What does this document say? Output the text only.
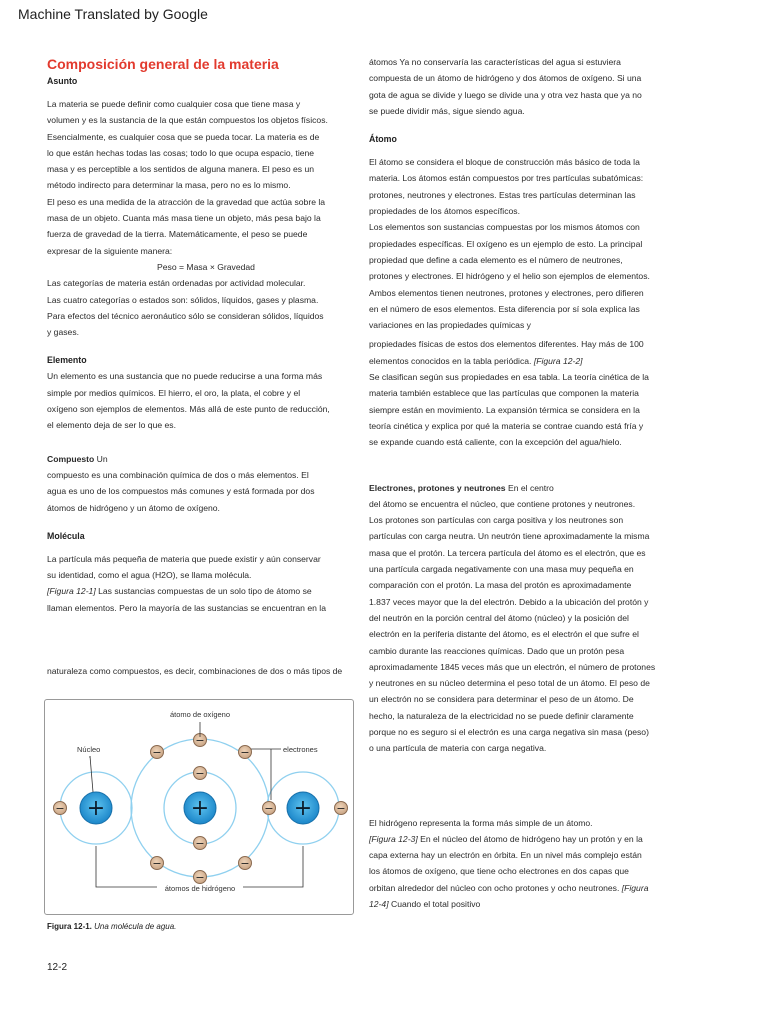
Machine Translated by Google

Composición general de la materia

Asunto

La materia se puede definir como cualquier cosa que tiene masa y

volumen y es la sustancia de la que están compuestos los objetos físicos.

Esencialmente, es cualquier cosa que se pueda tocar. La materia es de

lo que están hechas todas las cosas; todo lo que ocupa espacio, tiene

masa y es perceptible a los sentidos de alguna manera. El peso es un

método indirecto para determinar la masa, pero no es lo mismo.

El peso es una medida de la atracción de la gravedad que actúa sobre la

masa de un objeto. Cuanta más masa tiene un objeto, más pesa bajo la

fuerza de gravedad de la tierra. Matemáticamente, el peso se puede

expresar de la siguiente manera:

Peso = Masa × Gravedad

Las categorías de materia están ordenadas por actividad molecular.

Las cuatro categorías o estados son: sólidos, líquidos, gases y plasma.

Para efectos del técnico aeronáutico sólo se consideran sólidos, líquidos

y gases.

Elemento

Un elemento es una sustancia que no puede reducirse a una forma más

simple por medios químicos. El hierro, el oro, la plata, el cobre y el

oxígeno son ejemplos de elementos. Más allá de este punto de reducción,

el elemento deja de ser lo que es.

Compuesto Un

compuesto es una combinación química de dos o más elementos. El

agua es uno de los compuestos más comunes y está formada por dos

átomos de hidrógeno y un átomo de oxígeno.

Molécula

La partícula más pequeña de materia que puede existir y aún conservar

su identidad, como el agua (H2O), se llama molécula.

[Figura 12-1] Las sustancias compuestas de un solo tipo de átomo se

llaman elementos. Pero la mayoría de las sustancias se encuentran en la

naturaleza como compuestos, es decir, combinaciones de dos o más tipos de
+	+	+
−
−
−
−
−
−
−
−
−
−	−
átomo de oxígeno
Núcleo	electrones
átomos de hidrógeno
Figura 12-1. Una molécula de agua.

átomos Ya no conservaría las características del agua si estuviera

compuesta de un átomo de hidrógeno y dos átomos de oxígeno. Si una

gota de agua se divide y luego se divide una y otra vez hasta que ya no

se puede dividir más, sigue siendo agua.

Átomo

El átomo se considera el bloque de construcción más básico de toda la

materia. Los átomos están compuestos por tres partículas subatómicas:

protones, neutrones y electrones. Estas tres partículas determinan las

propiedades de los átomos específicos.

Los elementos son sustancias compuestas por los mismos átomos con

propiedades específicas. El oxígeno es un ejemplo de esto. La principal

propiedad que define a cada elemento es el número de neutrones,

protones y electrones. El hidrógeno y el helio son ejemplos de elementos.

Ambos elementos tienen neutrones, protones y electrones, pero difieren

en el número de esos elementos. Esta diferencia por sí sola explica las

variaciones en las propiedades químicas y

propiedades físicas de estos dos elementos diferentes. Hay más de 100

elementos conocidos en la tabla periódica. [Figura 12-2]

Se clasifican según sus propiedades en esa tabla. La teoría cinética de la

materia también establece que las partículas que componen la materia

siempre están en movimiento. La expansión térmica se considera en la

teoría cinética y explica por qué la materia se contrae cuando está fría y

se expande cuando está caliente, con la excepción del agua/hielo.

Electrones, protones y neutrones En el centro

del átomo se encuentra el núcleo, que contiene protones y neutrones.

Los protones son partículas con carga positiva y los neutrones son

partículas con carga neutra. Un neutrón tiene aproximadamente la misma

masa que el protón. La tercera partícula del átomo es el electrón, que es

una partícula cargada negativamente con una masa muy pequeña en

comparación con el protón. La masa del protón es aproximadamente

1.837 veces mayor que la del electrón. Debido a la ubicación del protón y

del neutrón en la porción central del átomo (núcleo) y la posición del

electrón en la periferia distante del átomo, es el electrón el que sufre el

cambio durante las reacciones químicas. Dado que un protón pesa

aproximadamente 1845 veces más que un electrón, el número de protones

y neutrones en su núcleo determina el peso total de un átomo. El peso de

un electrón no se considera para determinar el peso de un átomo. De

hecho, la naturaleza de la electricidad no se puede definir claramente

porque no es seguro si el electrón es una carga negativa sin masa (peso)

o una partícula de materia con carga negativa.

El hidrógeno representa la forma más simple de un átomo.

[Figura 12-3] En el núcleo del átomo de hidrógeno hay un protón y en la

capa externa hay un electrón en órbita. En un nivel más complejo están

los átomos de oxígeno, que tiene ocho electrones en dos capas que

orbitan alrededor del núcleo con ocho protones y ocho neutrones. [Figura

12-4] Cuando el total positivo

12-2
